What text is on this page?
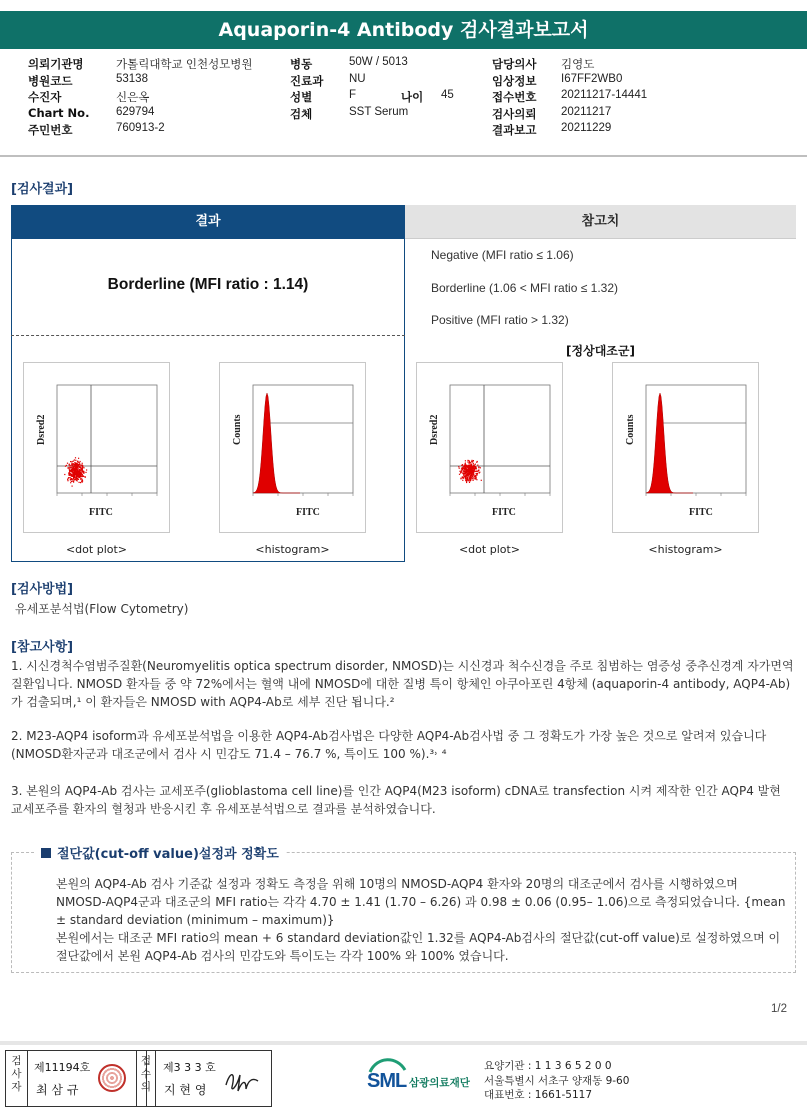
Aquaporin-4 Antibody 검사결과보고서
의뢰기관명	가톨릭대학교 인천성모병원	병동	50W / 5013	담당의사 김영도
병원코드	53138	진료과 NU	임상정보 I67FF2WB0
수진자	신은옥	성별	F	나이 45	접수번호 20211217-14441
Chart No. 629794	검체	SST Serum	검사의뢰 20211217
주민번호	760913-2	결과보고 20211229
[검사결과]
결과	참고치
Borderline (MFI ratio : 1.14)
Negative (MFI ratio ≤ 1.06)
Borderline (1.06 < MFI ratio ≤ 1.32)
Positive (MFI ratio > 1.32)
[정상대조군]
Dsred2
FITC
<dot plot>
Counts
FITC
<histogram>
Dsred2
FITC
<dot plot>
Counts
FITC
<histogram>
[검사방법]
유세포분석법(Flow Cytometry)
[참고사항]
1. 시신경척수염범주질환(Neuromyelitis optica spectrum disorder, NMOSD)는 시신경과 척수신경을 주로 침범하는 염증성 중추신경계 자가면역 질환입니다. NMOSD 환자들 중 약 72%에서는 혈액 내에 NMOSD에 대한 질병 특이 항체인 아쿠아포린 4항체 (aquaporin-4 antibody, AQP4-Ab)가 검출되며,¹ 이 환자들은 NMOSD with AQP4-Ab로 세부 진단 됩니다.²
2. M23-AQP4 isoform과 유세포분석법을 이용한 AQP4-Ab검사법은 다양한 AQP4-Ab검사법 중 그 정확도가 가장 높은 것으로 알려져 있습니다(NMOSD환자군과 대조군에서 검사 시 민감도 71.4 – 76.7 %, 특이도 100 %).³˒ ⁴
3. 본원의 AQP4-Ab 검사는 교세포주(glioblastoma cell line)를 인간 AQP4(M23 isoform) cDNA로 transfection 시켜 제작한 인간 AQP4 발현 교세포주를 환자의 혈청과 반응시킨 후 유세포분석법으로 결과를 분석하였습니다.
절단값(cut-off value)설정과 정확도
본원의 AQP4-Ab 검사 기준값 설정과 정확도 측정을 위해 10명의 NMOSD-AQP4 환자와 20명의 대조군에서 검사를 시행하였으며 NMOSD-AQP4군과 대조군의 MFI ratio는 각각 4.70 ± 1.41 (1.70 – 6.26) 과 0.98 ± 0.06 (0.95– 1.06)으로 측정되었습니다. {mean ± standard deviation (minimum – maximum)}
본원에서는 대조군 MFI ratio의 mean + 6 standard deviation값인 1.32를 AQP4-Ab검사의 절단값(cut-off value)로 설정하였으며 이 절단값에서 본원 AQP4-Ab 검사의 민감도와 특이도는 각각 100% 와 100% 였습니다.
1/2
검사자
제11194호
최 삼 규
접수의
제3 3 3 호
지 현 영	SML 삼광의료재단
요양기관 : 1 1 3 6 5 2 0 0
서울특별시 서초구 양재동 9-60
대표번호 : 1661-5117
